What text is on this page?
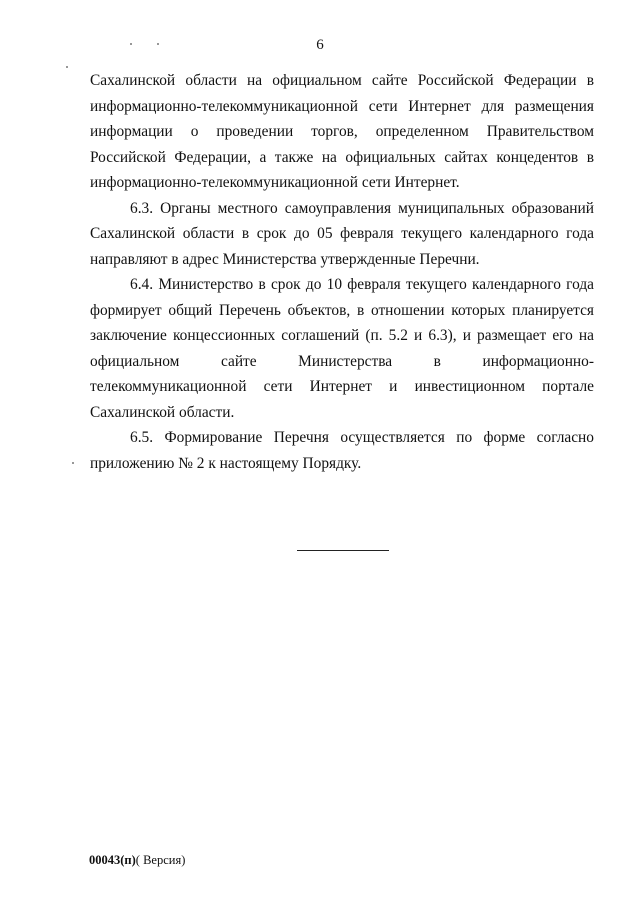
6

Сахалинской области на официальном сайте Российской Федерации в информационно-телекоммуникационной сети Интернет для размещения информации о проведении торгов, определенном Правительством Российской Федерации, а также на официальных сайтах концедентов в информационно-телекоммуникационной сети Интернет.

6.3. Органы местного самоуправления муниципальных образований Сахалинской области в срок до 05 февраля текущего календарного года направляют в адрес Министерства утвержденные Перечни.

6.4. Министерство в срок до 10 февраля текущего календарного года формирует общий Перечень объектов, в отношении которых планируется заключение концессионных соглашений (п. 5.2 и 6.3), и размещает его на официальном сайте Министерства в информационно-телекоммуникационной сети Интернет и инвестиционном портале Сахалинской области.

6.5. Формирование Перечня осуществляется по форме согласно приложению № 2 к настоящему Порядку.

00043(п)( Версия)
